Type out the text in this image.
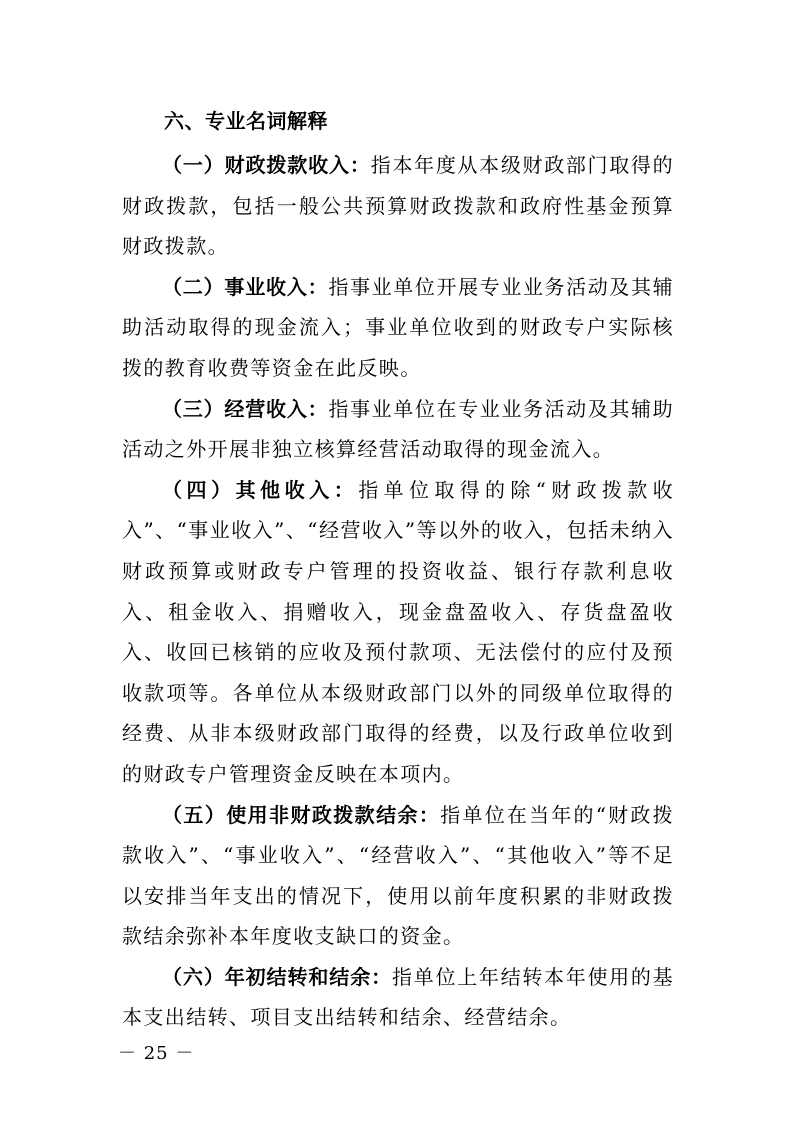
六、专业名词解释

（一）财政拨款收入：指本年度从本级财政部门取得的财政拨款，包括一般公共预算财政拨款和政府性基金预算财政拨款。

（二）事业收入：指事业单位开展专业业务活动及其辅助活动取得的现金流入；事业单位收到的财政专户实际核拨的教育收费等资金在此反映。

（三）经营收入：指事业单位在专业业务活动及其辅助活动之外开展非独立核算经营活动取得的现金流入。

（四）其他收入：指单位取得的除“财政拨款收入”、“事业收入”、“经营收入”等以外的收入，包括未纳入财政预算或财政专户管理的投资收益、银行存款利息收入、租金收入、捐赠收入，现金盘盈收入、存货盘盈收入、收回已核销的应收及预付款项、无法偿付的应付及预收款项等。各单位从本级财政部门以外的同级单位取得的经费、从非本级财政部门取得的经费，以及行政单位收到的财政专户管理资金反映在本项内。

（五）使用非财政拨款结余：指单位在当年的“财政拨款收入”、“事业收入”、“经营收入”、“其他收入”等不足以安排当年支出的情况下，使用以前年度积累的非财政拨款结余弥补本年度收支缺口的资金。

（六）年初结转和结余：指单位上年结转本年使用的基本支出结转、项目支出结转和结余、经营结余。

－ 25 －
